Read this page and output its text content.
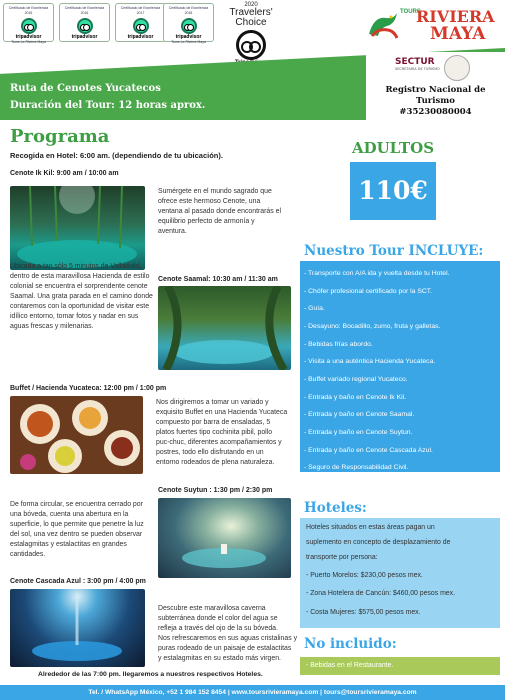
Certificado de Excelencia
2015
tripadvisor
Tours La Riviera Maya
Certificado de Excelencia
2016
tripadvisor
Certificado de Excelencia
2017
tripadvisor
Certificado de Excelencia
2018
tripadvisor
Tours La Riviera Maya
2020
Travelers'
Choice
TOURS
RIVIERA
MAYA
SECTUR
SECRETARÍA DE TURISMO
Registro Nacional de Turismo
#35230080004
Ruta de Cenotes Yucatecos
Duración del Tour: 12 horas aprox.
Programa
Recogida en Hotel: 6:00 am. (dependiendo de tu ubicación).
Cenote Ik Kil: 9:00 am / 10:00 am
Sumérgete en el mundo sagrado que
ofrece este hermoso Cenote, una
ventana al pasado donde encontrarás el
equilibrio perfecto de armonía y
aventura.
Ubicada a tan sólo 5 minutos de Valladolid,
dentro de esta maravillosa Hacienda de estilo
colonial se encuentra el sorprendente cenote
Saamal. Una grata parada en el camino donde
contaremos con la oportunidad de visitar este
idílico entorno, tomar fotos y nadar en sus
aguas frescas y milenarias.
Cenote Saamal: 10:30 am / 11:30 am
Buffet / Hacienda Yucateca: 12:00 pm / 1:00 pm
Nos dirigiremos a tomar un variado y
exquisito Buffet en una Hacienda Yucateca
compuesto por barra de ensaladas, 5
platos fuertes tipo cochinita pibil, pollo
puc-chuc, diferentes acompañamientos y
postres, todo ello disfrutando en un
entorno rodeados de plena naturaleza.
De forma circular, se encuentra cerrado por
una bóveda, cuenta una abertura en la
superficie, lo que permite que penetre la luz
del sol, una vez dentro se pueden observar
estalagmitas y estalactitas en grandes
cantidades.
Cenote Suytun : 1:30 pm / 2:30 pm
Cenote Cascada Azul : 3:00 pm / 4:00 pm
Descubre este maravillosa caverna
subterránea donde el color del agua se
refleja a través del ojo de la su bóveda.
Nos refrescaremos en sus aguas cristalinas y
puras rodeado de un paisaje de estalactitas
y estalagmitas en su estado más virgen.
Alrededor de las 7:00 pm. llegaremos a nuestros respectivos Hoteles.
ADULTOS
110€
Nuestro Tour INCLUYE:
- Transporte con A/A ida y vuelta desde tu Hotel.
- Chófer profesional certificado por la SCT.
- Guía.
- Desayuno: Bocadillo, zumo, fruta y galletas.
- Bebidas frías abordo.
- Visita a una auténtica Hacienda Yucateca.
- Buffet variado regional Yucateco.
- Entrada y baño en Cenote Ik Kil.
- Entrada y baño en Cenote Saamal.
- Entrada y baño en Cenote Suytun.
- Entrada y baño en Cenote Cascada Azul.
- Seguro de Responsabilidad Civil.
Hoteles:
Hoteles situados en estas áreas pagan un
suplemento en concepto de desplazamiento de
transporte por persona:
- Puerto Morelos: $230,00 pesos mex.
- Zona Hotelera de Cancún: $460,00 pesos mex.
- Costa Mujeres: $575,00 pesos mex.
No incluido:
- Bebidas en el Restaurante.
Tel. / WhatsApp México, +52 1 984 152 8454 | www.toursrivieramaya.com | tours@toursrivieramaya.com
